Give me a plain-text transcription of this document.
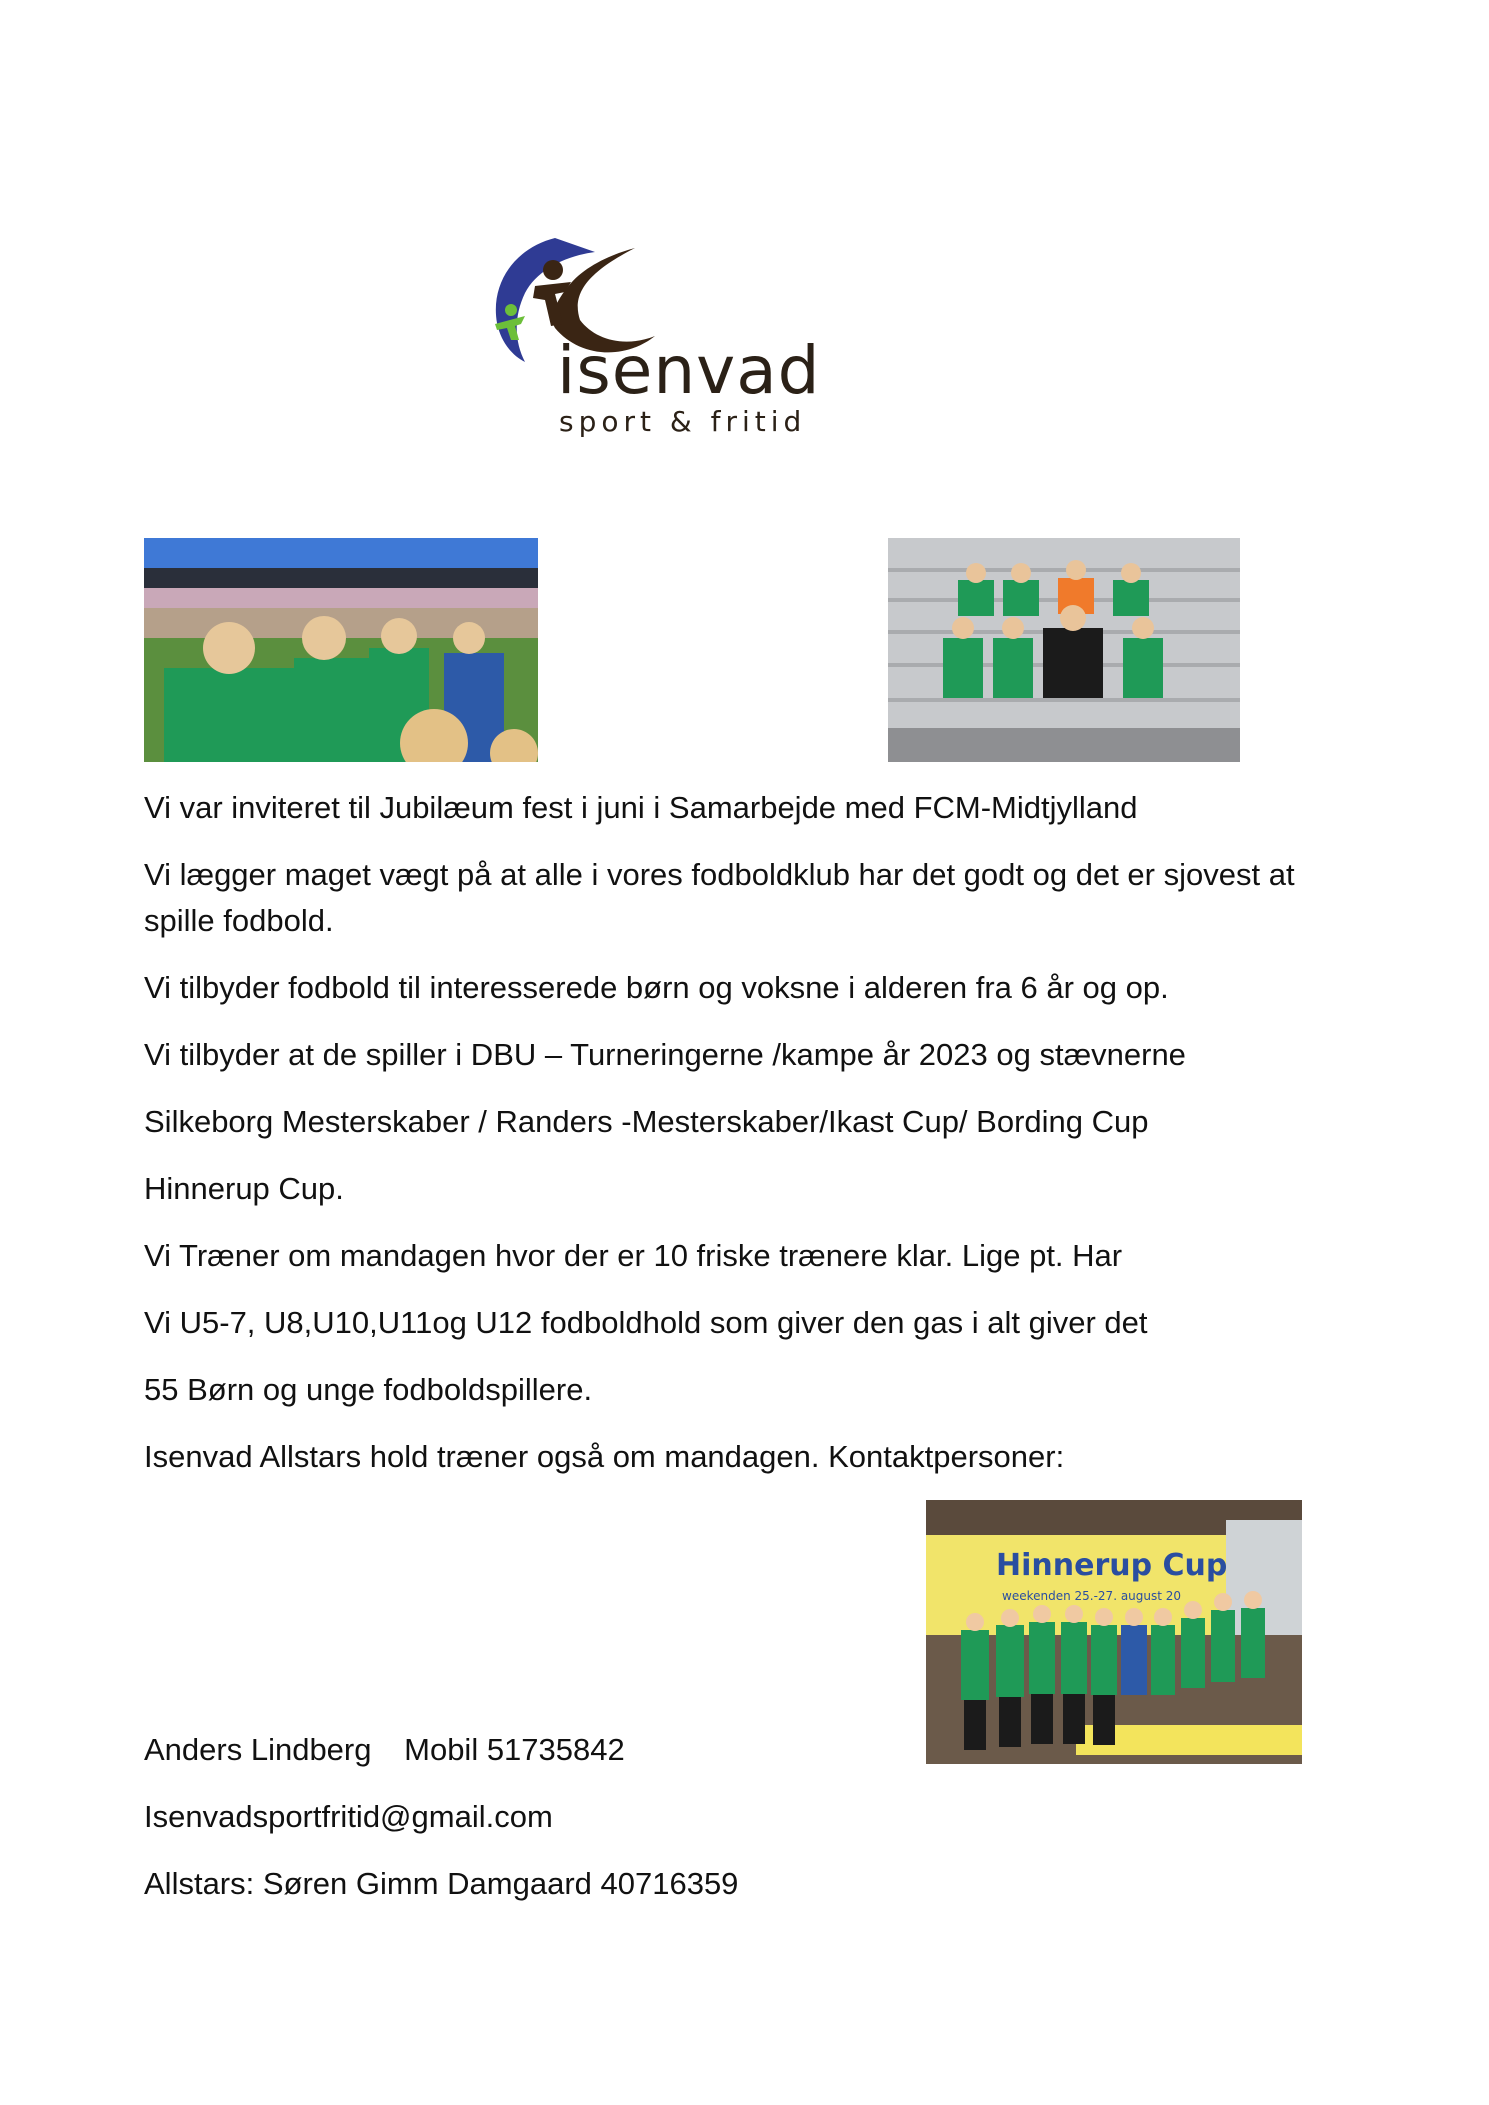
isenvad
sport & fritid
Vi var inviteret til Jubilæum fest i juni i Samarbejde med FCM-Midtjylland
Vi lægger maget vægt på at alle i vores fodboldklub har det godt og det er sjovest at spille fodbold.
Vi tilbyder fodbold til interesserede børn og voksne i alderen fra 6 år og op.
Vi tilbyder at de spiller i DBU – Turneringerne /kampe år 2023 og stævnerne
Silkeborg Mesterskaber / Randers -Mesterskaber/Ikast Cup/ Bording Cup
Hinnerup Cup.
Vi Træner om mandagen hvor der er 10 friske trænere klar. Lige pt. Har
Vi U5-7, U8,U10,U11og U12 fodboldhold som giver den gas i alt giver det
55 Børn og unge fodboldspillere.
Isenvad Allstars hold træner også om mandagen. Kontaktpersoner:
Hinnerup Cup
weekenden 25.-27. august 20
Anders Lindberg Mobil 51735842
Isenvadsportfritid@gmail.com
Allstars: Søren Gimm Damgaard 40716359
